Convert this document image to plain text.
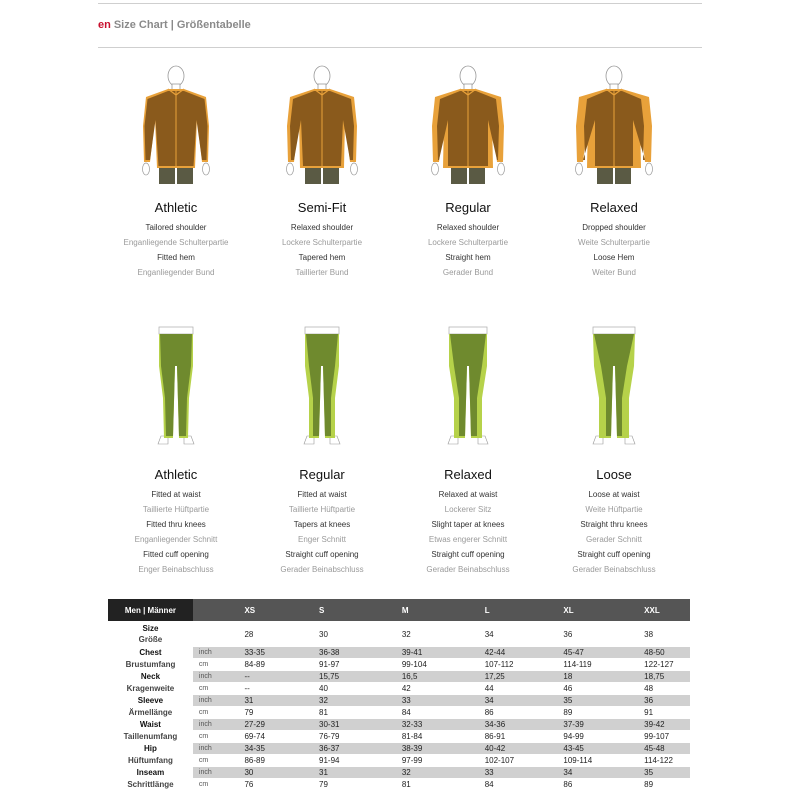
en Size Chart | Größentabelle
Athletic
Tailored shoulder
Enganliegende Schulterpartie
Fitted hem
Enganliegender Bund
Semi-Fit
Relaxed shoulder
Lockere Schulterpartie
Tapered hem
Taillierter Bund
Regular
Relaxed shoulder
Lockere Schulterpartie
Straight hem
Gerader Bund
Relaxed
Dropped shoulder
Weite Schulterpartie
Loose Hem
Weiter Bund
Athletic
Fitted at waist
Taillierte Hüftpartie
Fitted thru knees
Enganliegender Schnitt
Fitted cuff opening
Enger Beinabschluss
Regular
Fitted at waist
Taillierte Hüftpartie
Tapers at knees
Enger Schnitt
Straight cuff opening
Gerader Beinabschluss
Relaxed
Relaxed at waist
Lockerer Sitz
Slight taper at knees
Etwas engerer Schnitt
Straight cuff opening
Gerader Beinabschluss
Loose
Loose at waist
Weite Hüftpartie
Straight thru knees
Gerader Schnitt
Straight cuff opening
Gerader Beinabschluss
Men | Männer		XS	S	M	L	XL	XXL

Size
Größe		28	30	32	34	36	38
Chest	inch	33-35	36-38	39-41	42-44	45-47	48-50
Brustumfang	cm	84-89	91-97	99-104	107-112	114-119	122-127
Neck	inch	--	15,75	16,5	17,25	18	18,75
Kragenweite	cm	--	40	42	44	46	48
Sleeve	inch	31	32	33	34	35	36
Ärmellänge	cm	79	81	84	86	89	91
Waist	inch	27-29	30-31	32-33	34-36	37-39	39-42
Taillenumfang	cm	69-74	76-79	81-84	86-91	94-99	99-107
Hip	inch	34-35	36-37	38-39	40-42	43-45	45-48
Hüftumfang	cm	86-89	91-94	97-99	102-107	109-114	114-122
Inseam	inch	30	31	32	33	34	35
Schrittlänge	cm	76	79	81	84	86	89
